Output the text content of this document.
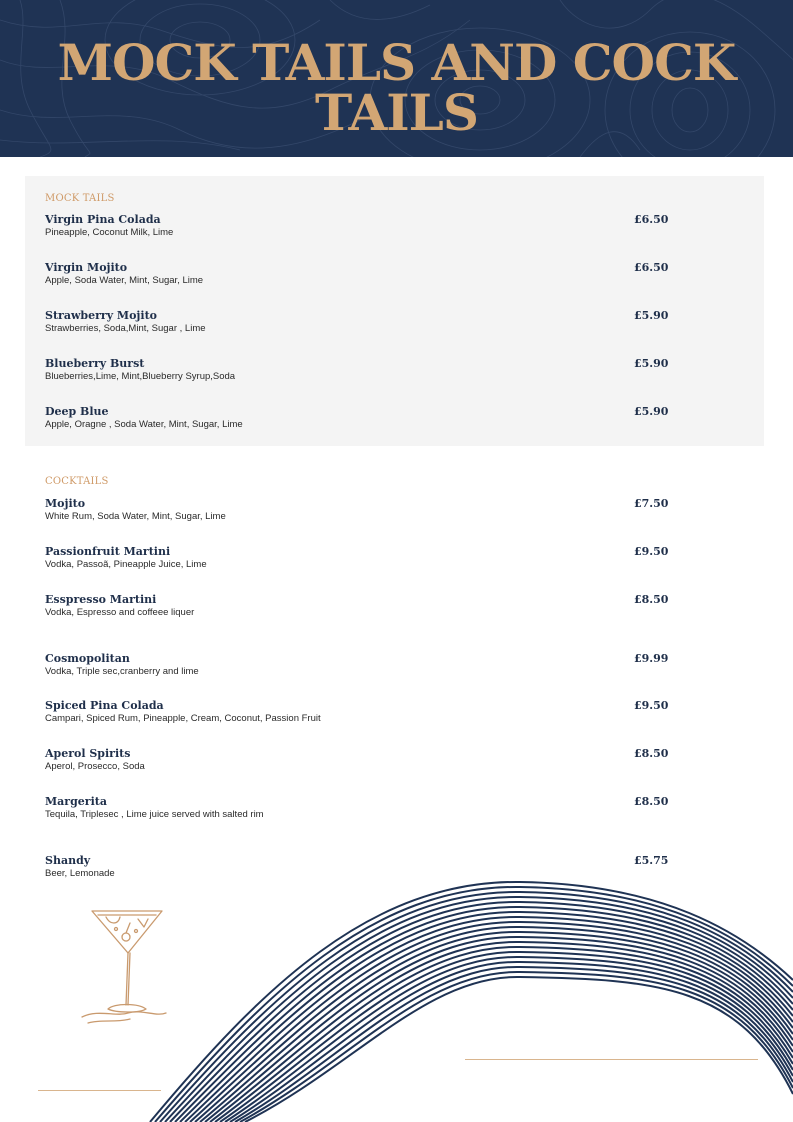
MOCK TAILS AND COCK TAILS
MOCK TAILS
Virgin Pina Colada
Pineapple, Coconut Milk, Lime
£6.50
Virgin Mojito
Apple, Soda Water, Mint, Sugar, Lime
£6.50
Strawberry Mojito
Strawberries, Soda,Mint, Sugar , Lime
£5.90
Blueberry Burst
Blueberries,Lime, Mint,Blueberry Syrup,Soda
£5.90
Deep Blue
Apple, Oragne , Soda Water, Mint, Sugar, Lime
£5.90
COCKTAILS
Mojito
White Rum, Soda Water, Mint, Sugar, Lime
£7.50
Passionfruit Martini
Vodka, Passoã, Pineapple Juice, Lime
£9.50
Esspresso Martini
Vodka, Espresso and coffeee liquer
£8.50
Cosmopolitan
Vodka, Triple sec,cranberry and lime
£9.99
Spiced Pina Colada
Campari, Spiced Rum, Pineapple, Cream, Coconut, Passion Fruit
£9.50
Aperol Spirits
Aperol, Prosecco, Soda
£8.50
Margerita
Tequila, Triplesec , Lime juice served with salted rim
£8.50
Shandy
Beer, Lemonade
£5.75
